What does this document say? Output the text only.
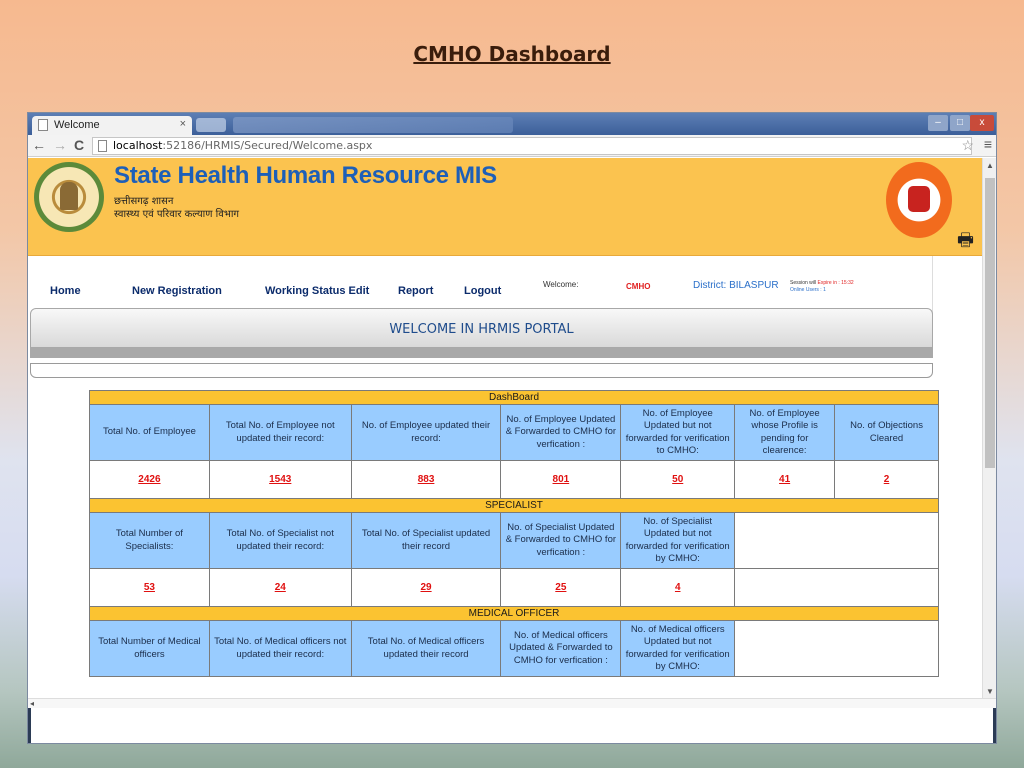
CMHO Dashboard
Welcome	×	–	□	x
← → C	localhost:52186/HRMIS/Secured/Welcome.aspx	☆ ≡
State Health Human Resource MIS
छत्तीसगढ़ शासन
स्वास्थ्य एवं परिवार कल्याण विभाग
🖶
Home	New Registration	Working Status Edit	Report	Logout
Welcome:	CMHO	District: BILASPUR Session will Expire in : 15:32
Online Users : 1
WELCOME IN HRMIS PORTAL
DashBoard						
Total No. of Employee	Total No. of Employee not updated their record:	No. of Employee updated their record:	No. of Employee Updated & Forwarded to CMHO for verfication :	No. of Employee Updated but not forwarded for verification to CMHO:	No. of Employee whose Profile is pending for clearence:	No. of Objections Cleared
2426	1543	883	801	50	41	2
SPECIALIST						
Total Number of Specialists:	Total No. of Specialist not updated their record:	Total No. of Specialist updated their record	No. of Specialist Updated & Forwarded to CMHO for verfication :	No. of Specialist Updated but not forwarded for verification by CMHO:		
53	24	29	25	4		
MEDICAL OFFICER						
Total Number of Medical officers	Total No. of Medical officers not updated their record:	Total No. of Medical officers updated their record	No. of Medical officers Updated & Forwarded to CMHO for verfication :	No. of Medical officers Updated but not forwarded for verification by CMHO:		
▲
▼
◂
